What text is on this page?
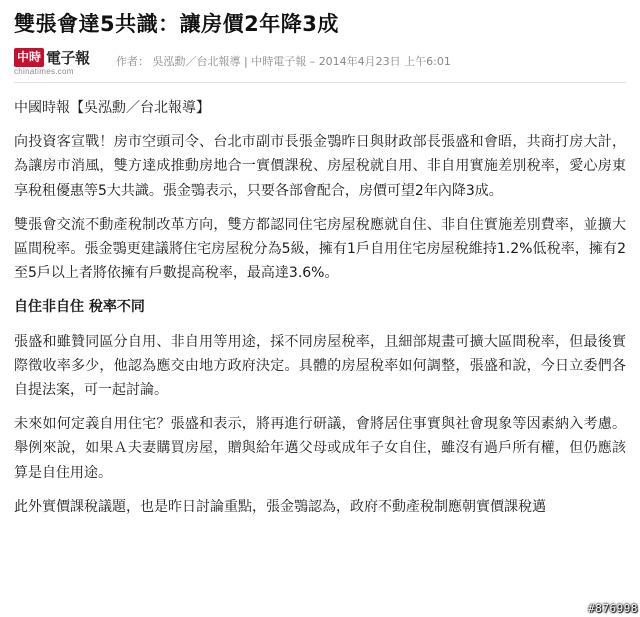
雙張會達5共識：讓房價2年降3成
中時 電子報
chinatimes.com
作者： 吳泓勳／台北報導 | 中時電子報 – 2014年4月23日 上午6:01

中國時報【吳泓勳／台北報導】

向投資客宣戰！房市空頭司令、台北市副市長張金鶚昨日與財政部長張盛和會晤，共商打房大計，為讓房市消風，雙方達成推動房地合一實價課稅、房屋稅就自用、非自用實施差別稅率，愛心房東享稅租優惠等5大共識。張金鶚表示，只要各部會配合，房價可望2年內降3成。

雙張會交流不動產稅制改革方向，雙方都認同住宅房屋稅應就自住、非自住實施差別費率，並擴大區間稅率。張金鶚更建議將住宅房屋稅分為5級，擁有1戶自用住宅房屋稅維持1.2%低稅率，擁有2至5戶以上者將依擁有戶數提高稅率，最高達3.6%。

自住非自住 稅率不同

張盛和雖贊同區分自用、非自用等用途，採不同房屋稅率，且細部規畫可擴大區間稅率，但最後實際徵收率多少，他認為應交由地方政府決定。具體的房屋稅率如何調整，張盛和說，今日立委們各自提法案，可一起討論。

未來如何定義自用住宅？張盛和表示，將再進行研議，會將居住事實與社會現象等因素納入考慮。舉例來說，如果Ａ夫妻購買房屋，贈與給年邁父母或成年子女自住，雖沒有過戶所有權，但仍應該算是自住用途。

此外實價課稅議題，也是昨日討論重點，張金鶚認為，政府不動產稅制應朝實價課稅邁

#876998
